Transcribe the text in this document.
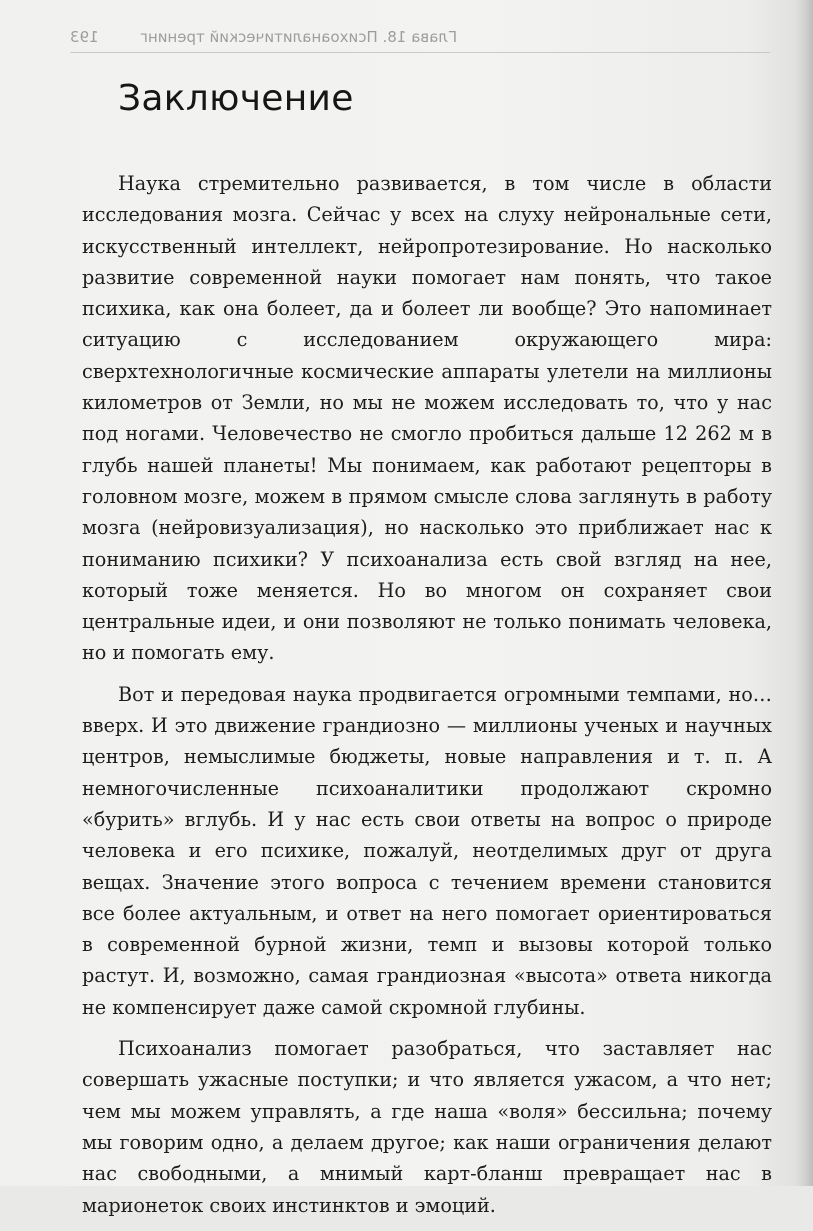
193	Глава 18. Психоаналитический тренинг
Заключение

Наука стремительно развивается, в том числе в области исследования мозга. Сейчас у всех на слуху нейрональные сети, искусственный интеллект, нейропротезирование. Но насколько развитие современной науки помогает нам понять, что такое психика, как она болеет, да и болеет ли вообще? Это напоминает ситуацию с исследованием окружающего мира: сверхтехнологичные космические аппараты улетели на миллионы километров от Земли, но мы не можем исследовать то, что у нас под ногами. Человечество не смогло пробиться дальше 12 262 м в глубь нашей планеты! Мы понимаем, как работают рецепторы в головном мозге, можем в прямом смысле слова заглянуть в работу мозга (нейровизуализация), но насколько это приближает нас к пониманию психики? У психоанализа есть свой взгляд на нее, который тоже меняется. Но во многом он сохраняет свои центральные идеи, и они позволяют не только понимать человека, но и помогать ему.

Вот и передовая наука продвигается огромными темпами, но… вверх. И это движение грандиозно — миллионы ученых и научных центров, немыслимые бюджеты, новые направления и т. п. А немногочисленные психоаналитики продолжают скромно «бурить» вглубь. И у нас есть свои ответы на вопрос о природе человека и его психике, пожалуй, неотделимых друг от друга вещах. Значение этого вопроса с течением времени становится все более актуальным, и ответ на него помогает ориентироваться в современной бурной жизни, темп и вызовы которой только растут. И, возможно, самая грандиозная «высота» ответа никогда не компенсирует даже самой скромной глубины.

Психоанализ помогает разобраться, что заставляет нас совершать ужасные поступки; и что является ужасом, а что нет; чем мы можем управлять, а где наша «воля» бессильна; почему мы говорим одно, а делаем другое; как наши ограничения делают нас свободными, а мнимый карт-бланш превращает нас в марионеток своих инстинктов и эмоций.
